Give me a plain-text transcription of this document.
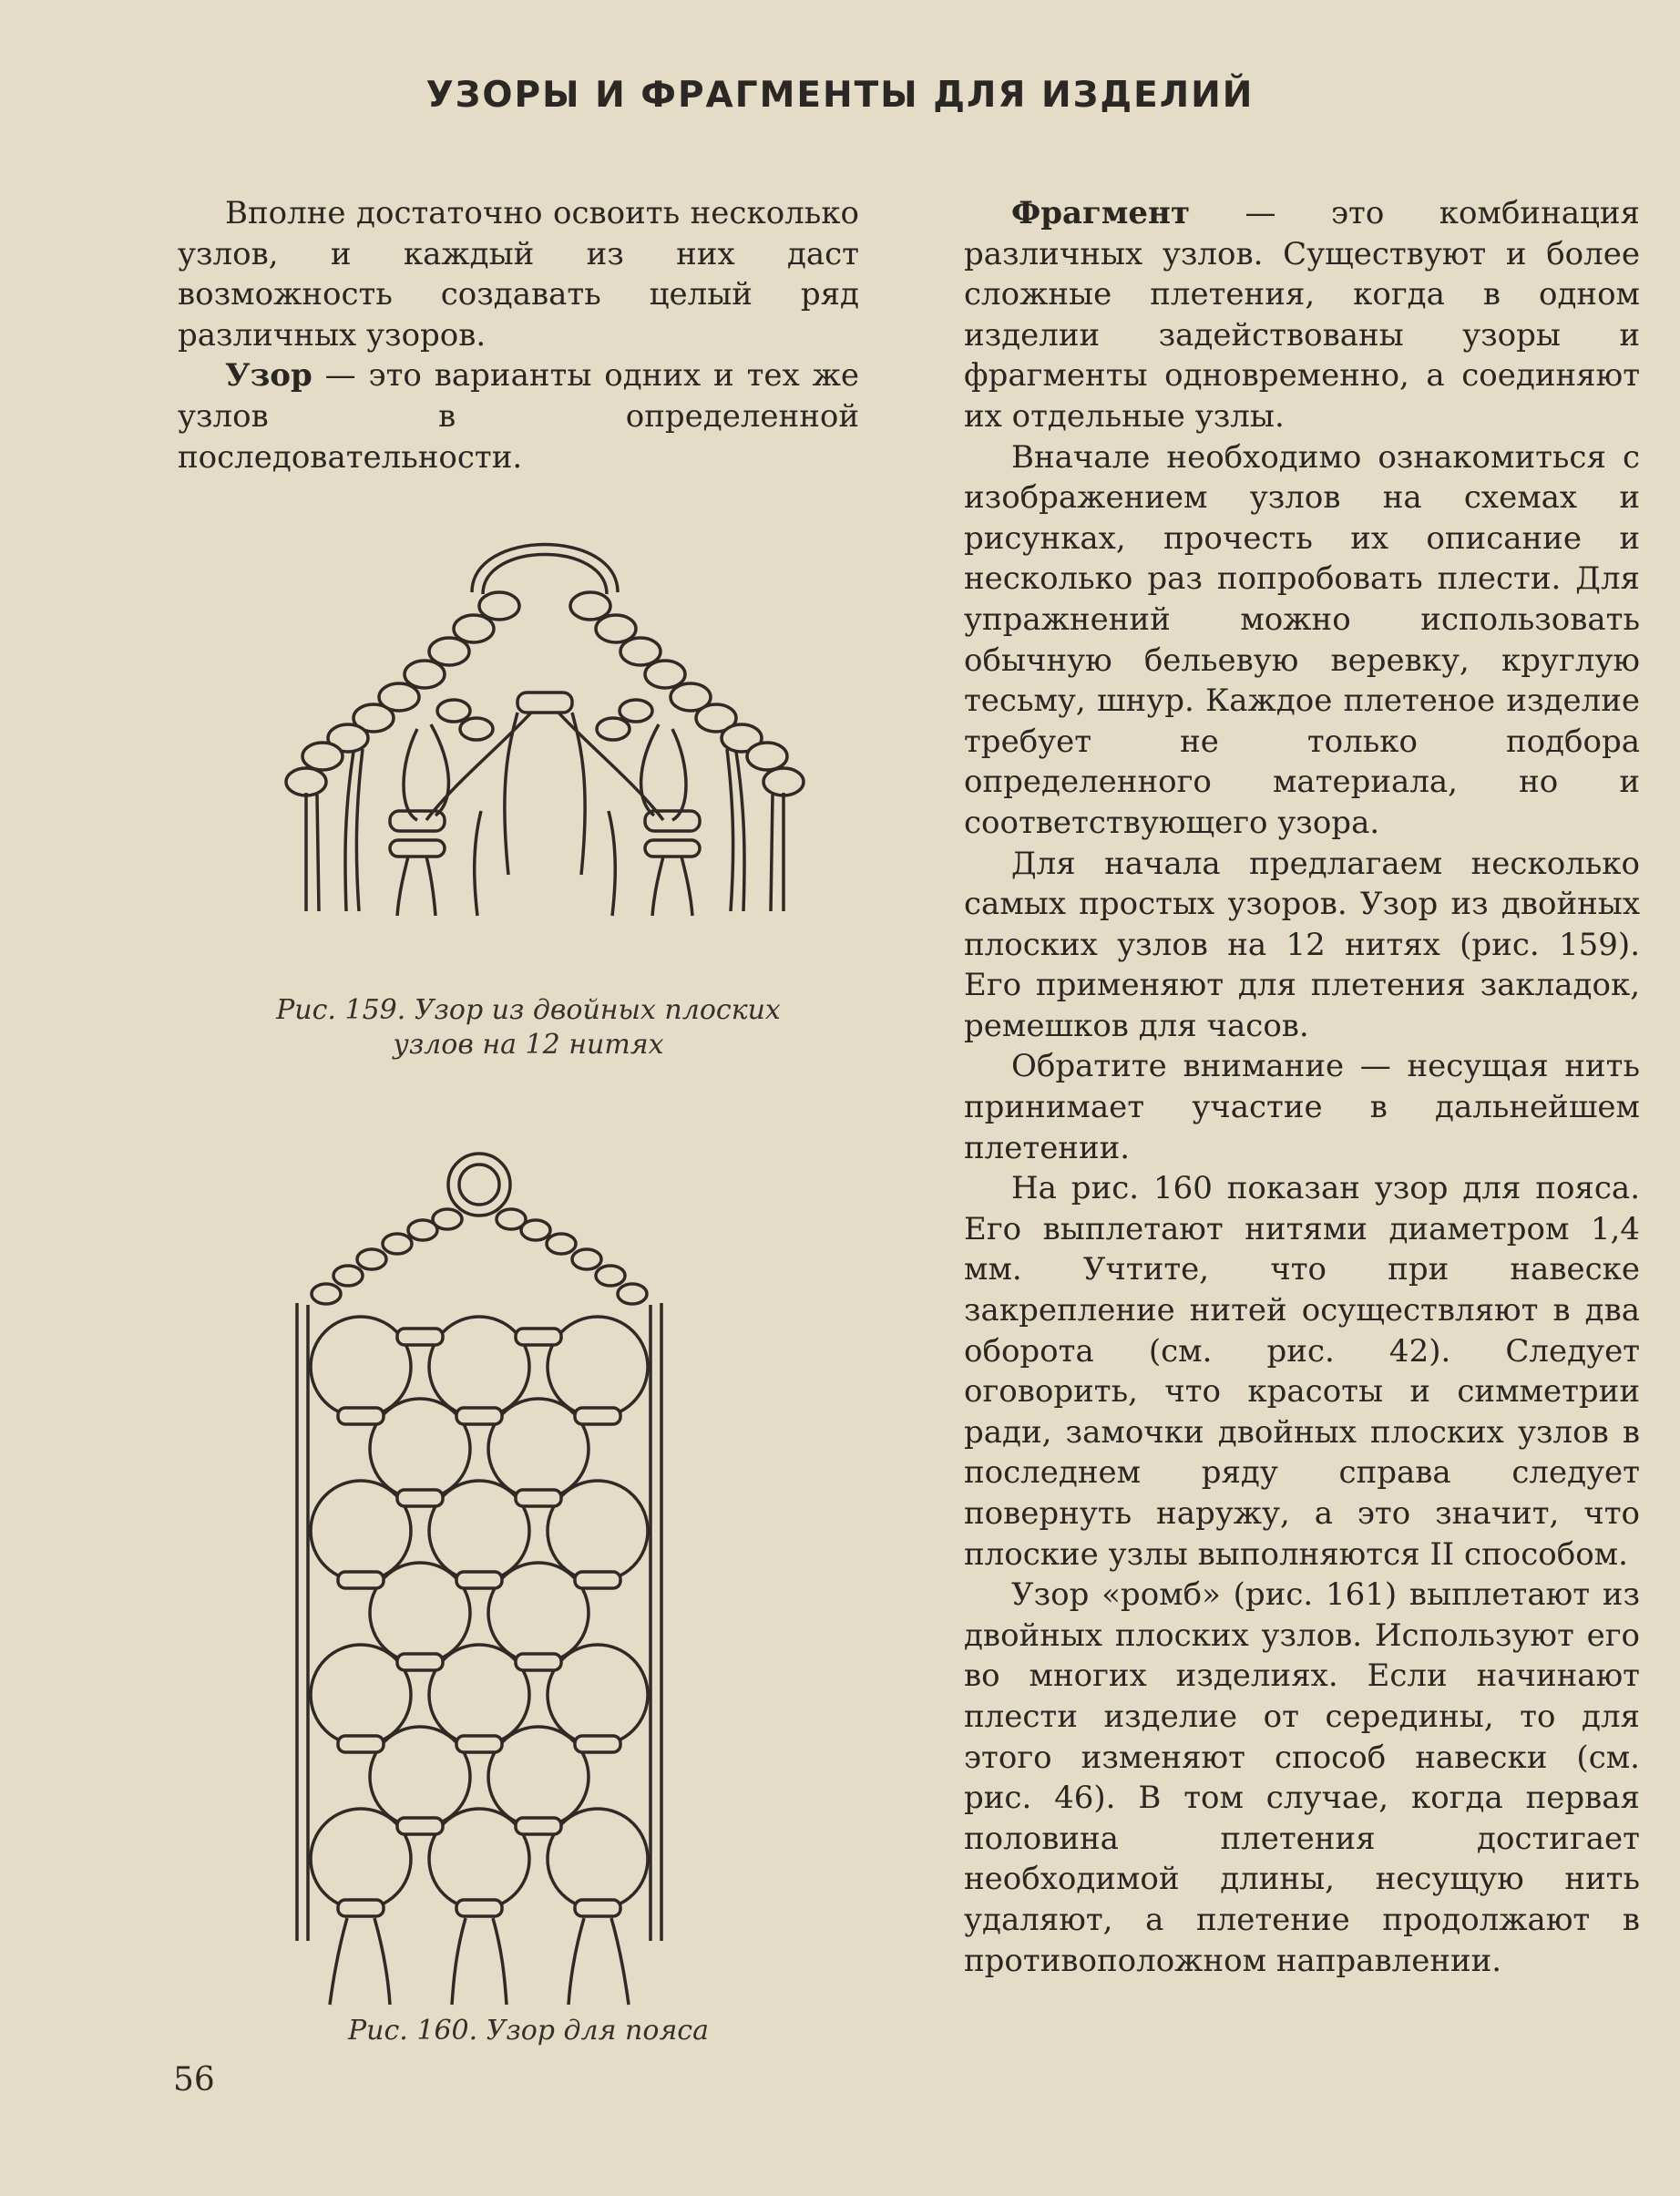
УЗОРЫ И ФРАГМЕНТЫ ДЛЯ ИЗДЕЛИЙ

Вполне достаточно освоить несколько узлов, и каждый из них даст возможность создавать целый ряд различных узоров.

Узор — это варианты одних и тех же узлов в определенной последовательности.

Рис. 159. Узор из двойных плоских узлов на 12 нитях
Рис. 160. Узор для пояса

Фрагмент — это комбинация различных узлов. Существуют и более сложные плетения, когда в одном изделии задействованы узоры и фрагменты одновременно, а соединяют их отдельные узлы.

Вначале необходимо ознакомиться с изображением узлов на схемах и рисунках, прочесть их описание и несколько раз попробовать плести. Для упражнений можно использовать обычную бельевую веревку, круглую тесьму, шнур. Каждое плетеное изделие требует не только подбора определенного материала, но и соответствующего узора.

Для начала предлагаем несколько самых простых узоров. Узор из двойных плоских узлов на 12 нитях (рис. 159). Его применяют для плетения закладок, ремешков для часов.

Обратите внимание — несущая нить принимает участие в дальнейшем плетении.

На рис. 160 показан узор для пояса. Его выплетают нитями диаметром 1,4 мм. Учтите, что при навеске закрепление нитей осуществляют в два оборота (см. рис. 42). Следует оговорить, что красоты и симметрии ради, замочки двойных плоских узлов в последнем ряду справа следует повернуть наружу, а это значит, что плоские узлы выполняются II способом.

Узор «ромб» (рис. 161) выплетают из двойных плоских узлов. Используют его во многих изделиях. Если начинают плести изделие от середины, то для этого изменяют способ навески (см. рис. 46). В том случае, когда первая половина плетения достигает необходимой длины, несущую нить удаляют, а плетение продолжают в противоположном направлении.

56
